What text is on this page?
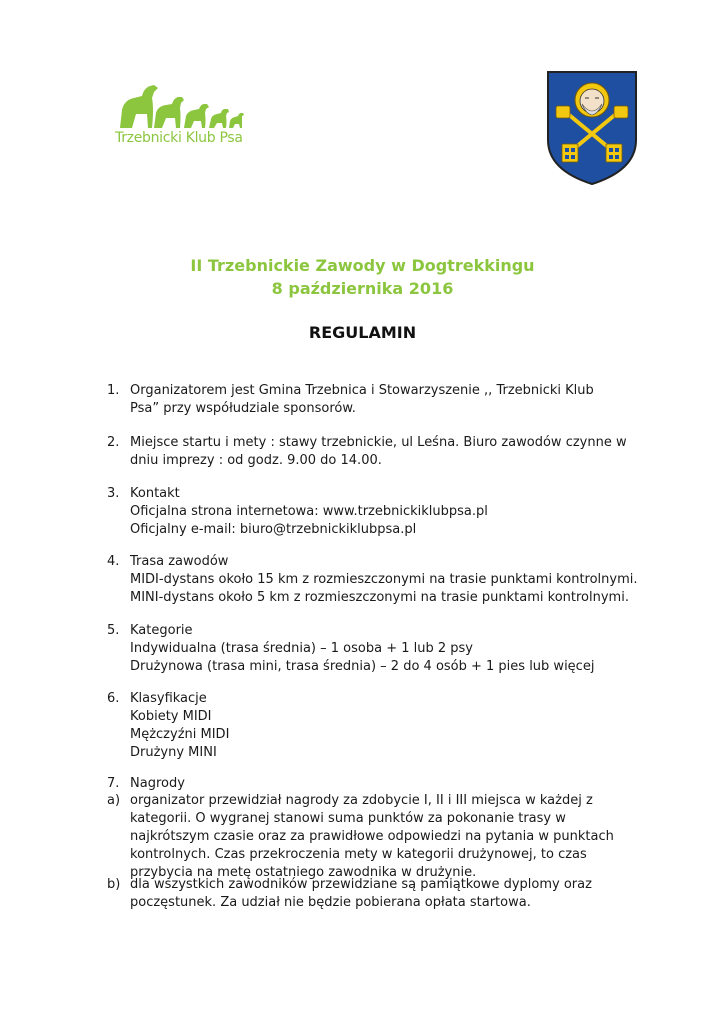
Trzebnicki Klub Psa
II Trzebnickie Zawody w Dogtrekkingu
8 października 2016
REGULAMIN
1. Organizatorem jest Gmina Trzebnica i Stowarzyszenie ,, Trzebnicki Klub
Psa” przy współudziale sponsorów.
2. Miejsce startu i mety : stawy trzebnickie, ul Leśna. Biuro zawodów czynne w
dniu imprezy : od godz. 9.00 do 14.00.
3. Kontakt
Oficjalna strona internetowa: www.trzebnickiklubpsa.pl
Oficjalny e-mail: biuro@trzebnickiklubpsa.pl
4. Trasa zawodów
MIDI-dystans około 15 km z rozmieszczonymi na trasie punktami kontrolnymi.
MINI-dystans około 5 km z rozmieszczonymi na trasie punktami kontrolnymi.
5. Kategorie
Indywidualna (trasa średnia) – 1 osoba + 1 lub 2 psy
Drużynowa (trasa mini, trasa średnia) – 2 do 4 osób + 1 pies lub więcej
6. Klasyfikacje
Kobiety MIDI
Mężczyźni MIDI
Drużyny MINI
7. Nagrody
a) organizator przewidział nagrody za zdobycie I, II i III miejsca w każdej z
kategorii. O wygranej stanowi suma punktów za pokonanie trasy w
najkrótszym czasie oraz za prawidłowe odpowiedzi na pytania w punktach
kontrolnych. Czas przekroczenia mety w kategorii drużynowej, to czas
przybycia na metę ostatniego zawodnika w drużynie.
b) dla wszystkich zawodników przewidziane są pamiątkowe dyplomy oraz
poczęstunek. Za udział nie będzie pobierana opłata startowa.
